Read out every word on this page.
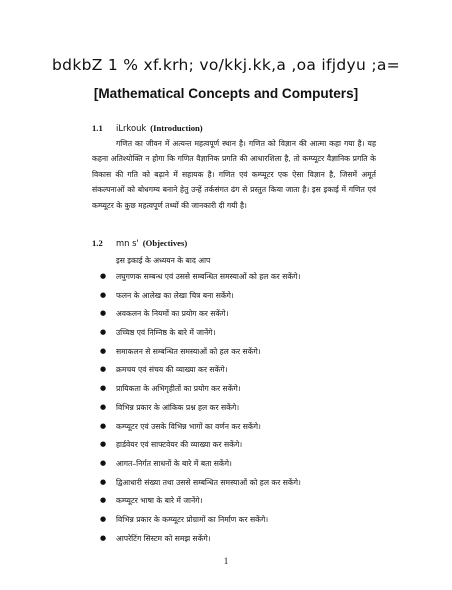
bdkbZ 1 % xf.krh; vo/kkj.kk,a ,oa ifjdyu ;a=
[Mathematical Concepts and Computers]
1.1 iLrkouk (Introduction)
गणित का जीवन में अत्यन्त महत्वपूर्ण स्थान है। गणित को विज्ञान की आत्मा कहा गया है। यह कहना अतिश्योक्ति न होगा कि गणित वैज्ञानिक प्रगति की आधारशिला है, तो कम्प्यूटर वैज्ञानिक प्रगति के विकास की गति को बढ़ाने में सहायक है। गणित एवं कम्प्यूटर एक ऐसा विज्ञान है, जिसमें अमूर्त संकल्पनाओं को बोधगम्य बनाने हेतु उन्हें तर्कसंगत ढंग से प्रस्तुत किया जाता है। इस इकाई में गणित एवं कम्प्यूटर के कुछ महत्वपूर्ण तथ्यों की जानकारी दी गयी है।
1.2 mn s' (Objectives)
इस इकाई के अध्ययन के बाद आप
● लघुगणक सम्बन्ध एवं उससे सम्बन्धित समस्याओं को हल कर सकेंगे।
● फलन के आलेख का लेखा चित्र बना सकेंगे।
● अवकलन के नियमों का प्रयोग कर सकेंगे।
● उच्चिष्ठ एवं निम्निष्ठ के बारे में जानेंगे।
● समाकलन से सम्बन्धित समस्याओं को हल कर सकेंगे।
● क्रमचय एवं संचय की व्याख्या कर सकेंगे।
● प्रायिकता के अभिगृहीतों का प्रयोग कर सकेंगे।
● विभिन्न प्रकार के आंकिक प्रश्न हल कर सकेंगे।
● कम्प्यूटर एवं उसके विभिन्न भागों का वर्णन कर सकेंगे।
● हार्डवेयर एवं साफ्टवेयर की व्याख्या कर सकेंगे।
● आगत–निर्गत साधनों के बारे में बता सकेंगे।
● द्विआधारी संख्या तथा उससे सम्बन्धित समस्याओं को हल कर सकेंगे।
● कम्प्यूटर भाषा के बारे में जानेंगे।
● विभिन्न प्रकार के कम्प्यूटर प्रोग्रामों का निर्माण कर सकेंगे।
● आपरेटिंग सिस्टम को समझ सकेंगे।
1
